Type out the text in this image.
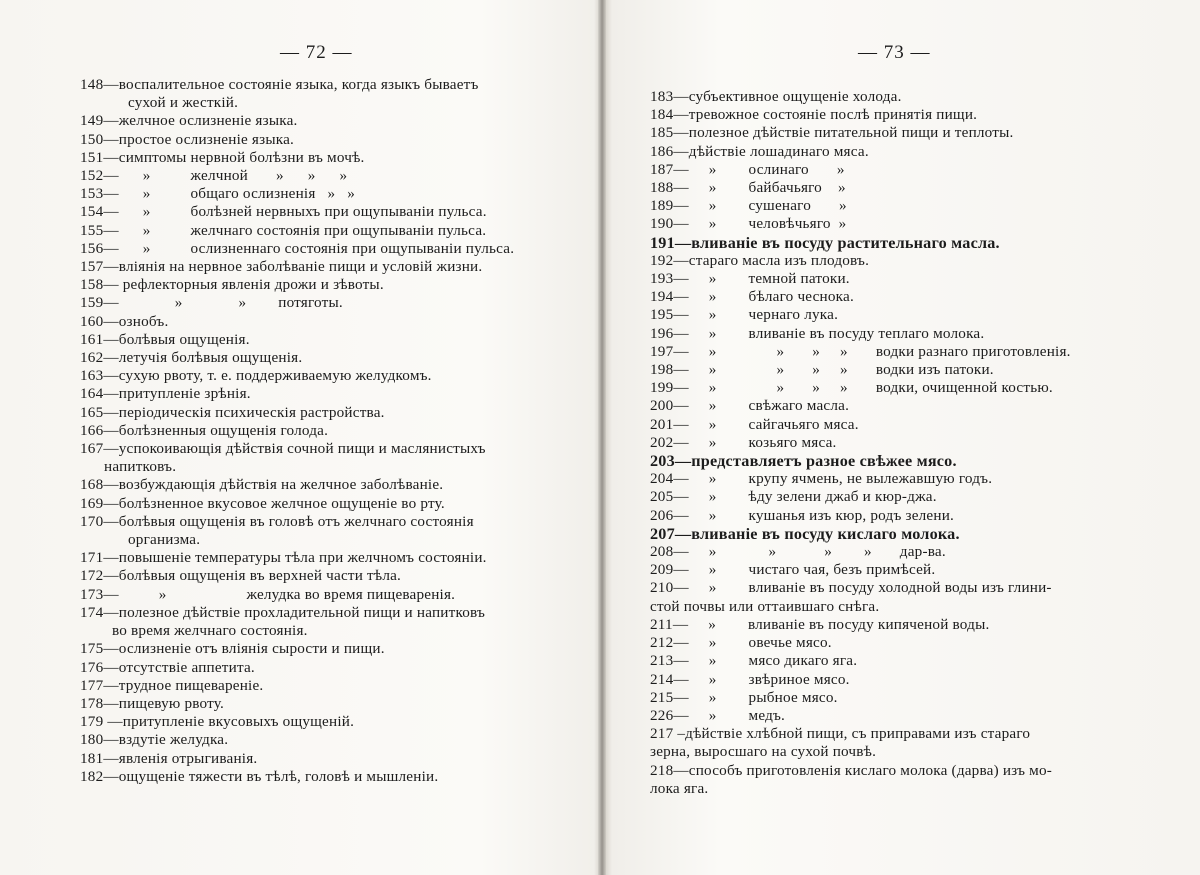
— 72 —
148—воспалительное состояніе языка, когда языкъ бываетъ
сухой и жесткій.
149—желчное ослизненіе языка.
150—простое ослизненіе языка.
151—симптомы нервной болѣзни въ мочѣ.
152—      »          желчной       »      »      »
153—      »          общаго ослизненія   »   »
154—      »          болѣзней нервныхъ при ощупываніи пульса.
155—      »          желчнаго состоянія при ощупываніи пульса.
156—      »          ослизненнаго состоянія при ощупываніи пульса.
157—вліянія на нервное заболѣваніе пищи и условій жизни.
158— рефлекторныя явленія дрожи и зѣвоты.
159—              »              »        потяготы.
160—ознобъ.
161—болѣвыя ощущенія.
162—летучія болѣвыя ощущенія.
163—сухую рвоту, т. е. поддерживаемую желудкомъ.
164—притупленіе зрѣнія.
165—періодическія психическія растройства.
166—болѣзненныя ощущенія голода.
167—успокоивающія дѣйствія сочной пищи и маслянистыхъ
напитковъ.
168—возбуждающія дѣйствія на желчное заболѣваніе.
169—болѣзненное вкусовое желчное ощущеніе во рту.
170—болѣвыя ощущенія въ головѣ отъ желчнаго состоянія
организма.
171—повышеніе температуры тѣла при желчномъ состояніи.
172—болѣвыя ощущенія въ верхней части тѣла.
173—          »                    желудка во время пищеваренія.
174—полезное дѣйствіе прохладительной пищи и напитковъ
во время желчнаго состоянія.
175—ослизненіе отъ вліянія сырости и пищи.
176—отсутствіе аппетита.
177—трудное пищевареніе.
178—пищевую рвоту.
179 —притупленіе вкусовыхъ ощущеній.
180—вздутіе желудка.
181—явленія отрыгиванія.
182—ощущеніе тяжести въ тѣлѣ, головѣ и мышленіи.
— 73 —
183—субъективное ощущеніе холода.
184—тревожное состояніе послѣ принятія пищи.
185—полезное дѣйствіе питательной пищи и теплоты.
186—дѣйствіе лошадинаго мяса.
187—     »        ослинаго       »
188—     »        байбачьяго    »
189—     »        сушенаго       »
190—     »        человѣчьяго  »
191—вливаніе въ посуду растительнаго масла.
192—стараго масла изъ плодовъ.
193—     »        темной патоки.
194—     »        бѣлаго чеснока.
195—     »        чернаго лука.
196—     »        вливаніе въ посуду теплаго молока.
197—     »               »       »     »       водки разнаго приготовленія.
198—     »               »       »     »       водки изъ патоки.
199—     »               »       »     »       водки, очищенной костью.
200—     »        свѣжаго масла.
201—     »        сайгачьяго мяса.
202—     »        козьяго мяса.
203—представляетъ разное свѣжее мясо.
204—     »        крупу ячмень, не вылежавшую годъ.
205—     »        ѣду зелени джаб и кюр-джа.
206—     »        кушанья изъ кюр, родъ зелени.
207—вливаніе въ посуду кислаго молока.
208—     »             »            »        »       дар-ва.
209—     »        чистаго чая, безъ примѣсей.
210—     »        вливаніе въ посуду холодной воды изъ глини-
стой почвы или оттаившаго снѣга.
211—     »        вливаніе въ посуду кипяченой воды.
212—     »        овечье мясо.
213—     »        мясо дикаго яга.
214—     »        звѣриное мясо.
215—     »        рыбное мясо.
226—     »        медъ.
217 –дѣйствіе хлѣбной пищи, съ приправами изъ стараго
зерна, выросшаго на сухой почвѣ.
218—способъ приготовленія кислаго молока (дарва) изъ мо-
лока яга.
